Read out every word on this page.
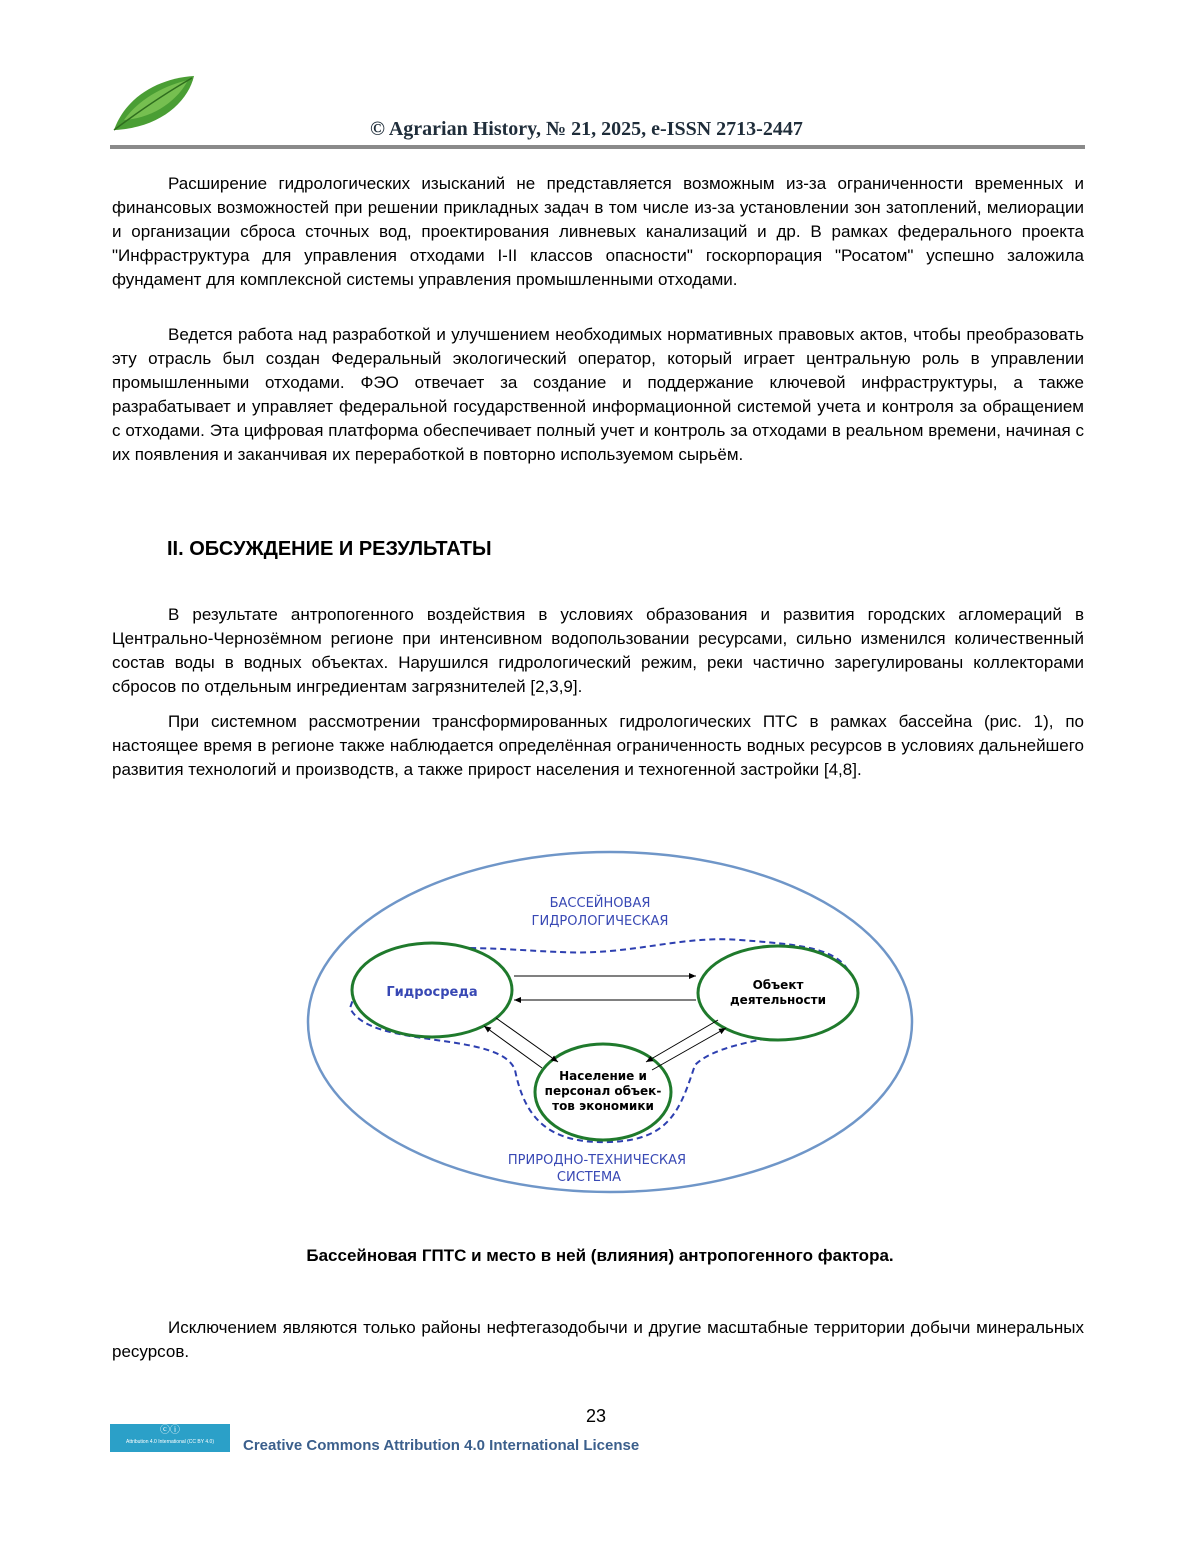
© Agrarian History, № 21, 2025, e-ISSN 2713-2447

Расширение гидрологических изысканий не представляется возможным из-за ограниченности временных и финансовых возможностей при решении прикладных задач в том числе из-за установлении зон затоплений, мелиорации и организации сброса сточных вод, проектирования ливневых канализаций и др. В рамках федерального проекта "Инфраструктура для управления отходами I-II классов опасности" госкорпорация "Росатом" успешно заложила фундамент для комплексной системы управления промышленными отходами.

Ведется работа над разработкой и улучшением необходимых нормативных правовых актов, чтобы преобразовать эту отрасль был создан Федеральный экологический оператор, который играет центральную роль в управлении промышленными отходами. ФЭО отвечает за создание и поддержание ключевой инфраструктуры, а также разрабатывает и управляет федеральной государственной информационной системой учета и контроля за обращением с отходами. Эта цифровая платформа обеспечивает полный учет и контроль за отходами в реальном времени, начиная с их появления и заканчивая их переработкой в повторно используемом сырьём.

II. ОБСУЖДЕНИЕ И РЕЗУЛЬТАТЫ

В результате антропогенного воздействия в условиях образования и развития городских агломераций в Центрально-Чернозёмном регионе при интенсивном водопользовании ресурсами, сильно изменился количественный состав воды в водных объектах. Нарушился гидрологический режим, реки частично зарегулированы коллекторами сбросов по отдельным ингредиентам загрязнителей [2,3,9].

При системном рассмотрении трансформированных гидрологических ПТС в рамках бассейна (рис. 1), по настоящее время в регионе также наблюдается определённая ограниченность водных ресурсов в условиях дальнейшего развития технологий и производств, а также прирост населения и техногенной застройки [4,8].

БАССЕЙНОВАЯ
ГИДРОЛОГИЧЕСКАЯ
ПРИРОДНО-ТЕХНИЧЕСКАЯ
СИСТЕМА
Гидросреда	Объект
деятельности
Население и
персонал объек-
тов экономики

Бассейновая ГПТС и место в ней (влияния) антропогенного фактора.

Исключением являются только районы нефтегазодобычи и другие масштабные территории добычи минеральных ресурсов.

23
ⓒⓘ
Attribution 4.0 International (CC BY 4.0)	Creative Commons Attribution 4.0 International License
